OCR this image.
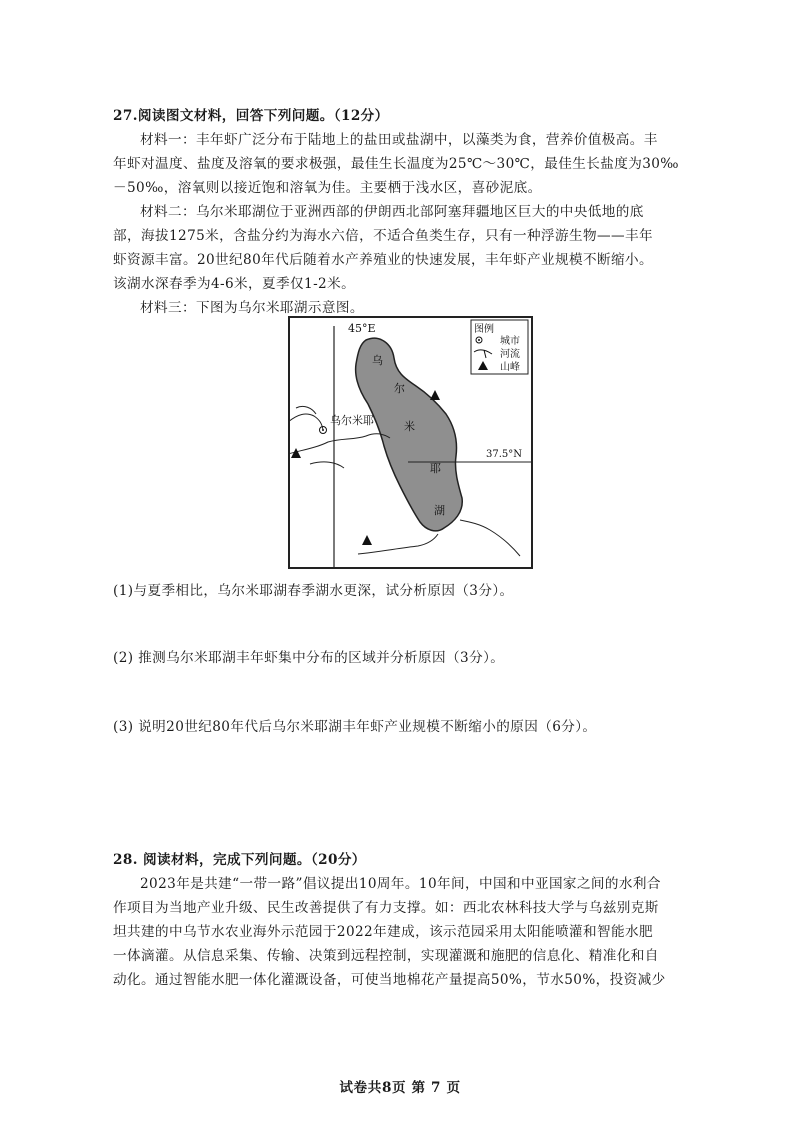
27.阅读图文材料，回答下列问题。（12分）
材料一：丰年虾广泛分布于陆地上的盐田或盐湖中，以藻类为食，营养价值极高。丰
年虾对温度、盐度及溶氧的要求极强，最佳生长温度为25℃～30℃，最佳生长盐度为30‰
－50‰，溶氧则以接近饱和溶氧为佳。主要栖于浅水区，喜砂泥底。
材料二：乌尔米耶湖位于亚洲西部的伊朗西北部阿塞拜疆地区巨大的中央低地的底
部，海拔1275米，含盐分约为海水六倍，不适合鱼类生存，只有一种浮游生物——丰年
虾资源丰富。20世纪80年代后随着水产养殖业的快速发展，丰年虾产业规模不断缩小。
该湖水深春季为4-6米，夏季仅1-2米。
材料三：下图为乌尔米耶湖示意图。
45°E
37.5°N
乌
尔
米
耶
湖
乌尔米耶
图例
城市
河流
山峰
(1)与夏季相比，乌尔米耶湖春季湖水更深，试分析原因（3分）。
(2) 推测乌尔米耶湖丰年虾集中分布的区域并分析原因（3分）。
(3) 说明20世纪80年代后乌尔米耶湖丰年虾产业规模不断缩小的原因（6分）。
28. 阅读材料，完成下列问题。（20分）
2023年是共建“一带一路”倡议提出10周年。10年间，中国和中亚国家之间的水利合
作项目为当地产业升级、民生改善提供了有力支撑。如：西北农林科技大学与乌兹别克斯
坦共建的中乌节水农业海外示范园于2022年建成，该示范园采用太阳能喷灌和智能水肥
一体滴灌。从信息采集、传输、决策到远程控制，实现灌溉和施肥的信息化、精准化和自
动化。通过智能水肥一体化灌溉设备，可使当地棉花产量提高50%，节水50%，投资减少
试卷共8页 第 7 页
